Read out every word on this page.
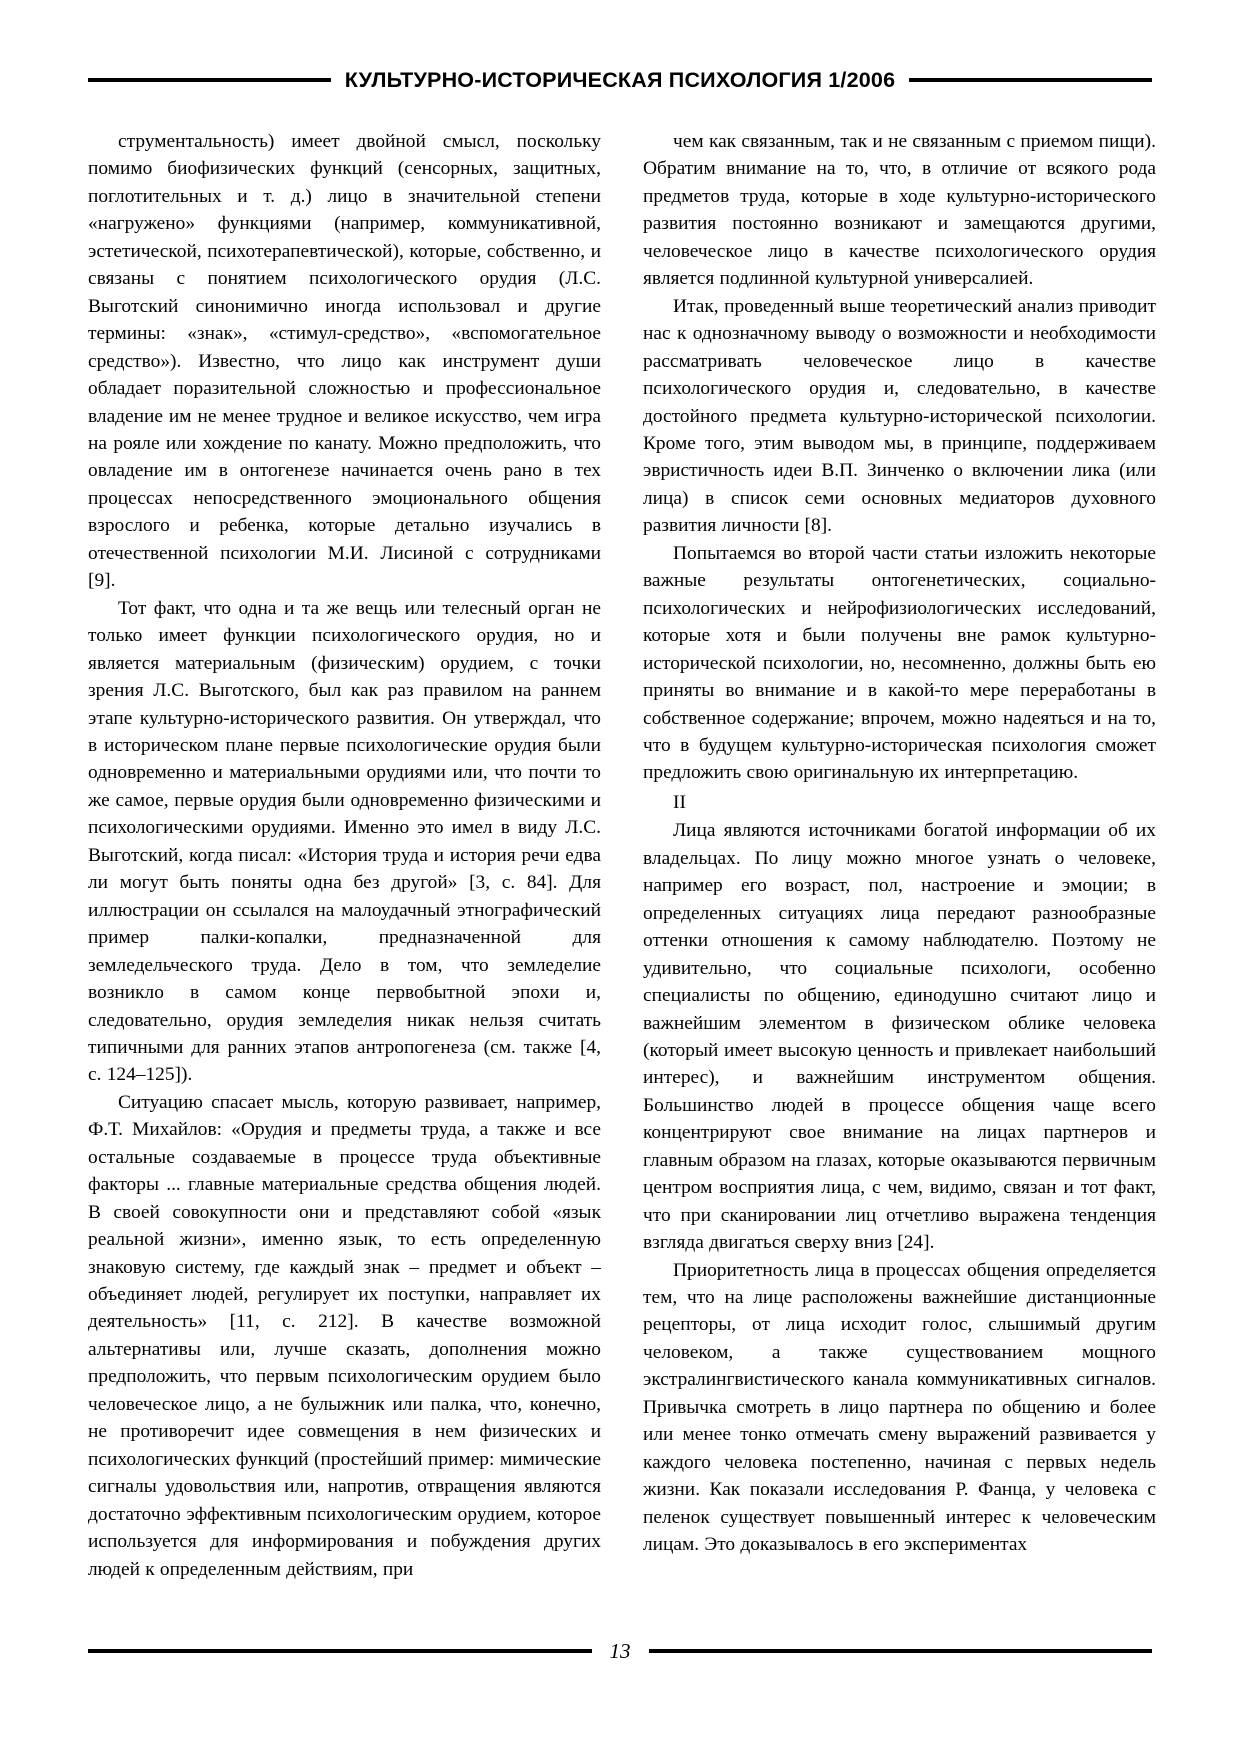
КУЛЬТУРНО-ИСТОРИЧЕСКАЯ ПСИХОЛОГИЯ 1/2006

струментальность) имеет двойной смысл, поскольку помимо биофизических функций (сенсорных, защитных, поглотительных и т. д.) лицо в значительной степени «нагружено» функциями (например, коммуникативной, эстетической, психотерапевтической), которые, собственно, и связаны с понятием психологического орудия (Л.С. Выготский синонимично иногда использовал и другие термины: «знак», «стимул-средство», «вспомогательное средство»). Известно, что лицо как инструмент души обладает поразительной сложностью и профессиональное владение им не менее трудное и великое искусство, чем игра на рояле или хождение по канату. Можно предположить, что овладение им в онтогенезе начинается очень рано в тех процессах непосредственного эмоционального общения взрослого и ребенка, которые детально изучались в отечественной психологии М.И. Лисиной с сотрудниками [9].

Тот факт, что одна и та же вещь или телесный орган не только имеет функции психологического орудия, но и является материальным (физическим) орудием, с точки зрения Л.С. Выготского, был как раз правилом на раннем этапе культурно-исторического развития. Он утверждал, что в историческом плане первые психологические орудия были одновременно и материальными орудиями или, что почти то же самое, первые орудия были одновременно физическими и психологическими орудиями. Именно это имел в виду Л.С. Выготский, когда писал: «История труда и история речи едва ли могут быть поняты одна без другой» [3, с. 84]. Для иллюстрации он ссылался на малоудачный этнографический пример палки-копалки, предназначенной для земледельческого труда. Дело в том, что земледелие возникло в самом конце первобытной эпохи и, следовательно, орудия земледелия никак нельзя считать типичными для ранних этапов антропогенеза (см. также [4, с. 124–125]).

Ситуацию спасает мысль, которую развивает, например, Ф.Т. Михайлов: «Орудия и предметы труда, а также и все остальные создаваемые в процессе труда объективные факторы ... главные материальные средства общения людей. В своей совокупности они и представляют собой «язык реальной жизни», именно язык, то есть определенную знаковую систему, где каждый знак – предмет и объект – объединяет людей, регулирует их поступки, направляет их деятельность» [11, с. 212]. В качестве возможной альтернативы или, лучше сказать, дополнения можно предположить, что первым психологическим орудием было человеческое лицо, а не булыжник или палка, что, конечно, не противоречит идее совмещения в нем физических и психологических функций (простейший пример: мимические сигналы удовольствия или, напротив, отвращения являются достаточно эффективным психологическим орудием, которое используется для информирования и побуждения других людей к определенным действиям, при

чем как связанным, так и не связанным с приемом пищи). Обратим внимание на то, что, в отличие от всякого рода предметов труда, которые в ходе культурно-исторического развития постоянно возникают и замещаются другими, человеческое лицо в качестве психологического орудия является подлинной культурной универсалией.

Итак, проведенный выше теоретический анализ приводит нас к однозначному выводу о возможности и необходимости рассматривать человеческое лицо в качестве психологического орудия и, следовательно, в качестве достойного предмета культурно-исторической психологии. Кроме того, этим выводом мы, в принципе, поддерживаем эвристичность идеи В.П. Зинченко о включении лика (или лица) в список семи основных медиаторов духовного развития личности [8].

Попытаемся во второй части статьи изложить некоторые важные результаты онтогенетических, социально-психологических и нейрофизиологических исследований, которые хотя и были получены вне рамок культурно-исторической психологии, но, несомненно, должны быть ею приняты во внимание и в какой-то мере переработаны в собственное содержание; впрочем, можно надеяться и на то, что в будущем культурно-историческая психология сможет предложить свою оригинальную их интерпретацию.

II

Лица являются источниками богатой информации об их владельцах. По лицу можно многое узнать о человеке, например его возраст, пол, настроение и эмоции; в определенных ситуациях лица передают разнообразные оттенки отношения к самому наблюдателю. Поэтому не удивительно, что социальные психологи, особенно специалисты по общению, единодушно считают лицо и важнейшим элементом в физическом облике человека (который имеет высокую ценность и привлекает наибольший интерес), и важнейшим инструментом общения. Большинство людей в процессе общения чаще всего концентрируют свое внимание на лицах партнеров и главным образом на глазах, которые оказываются первичным центром восприятия лица, с чем, видимо, связан и тот факт, что при сканировании лиц отчетливо выражена тенденция взгляда двигаться сверху вниз [24].

Приоритетность лица в процессах общения определяется тем, что на лице расположены важнейшие дистанционные рецепторы, от лица исходит голос, слышимый другим человеком, а также существованием мощного экстралингвистического канала коммуникативных сигналов. Привычка смотреть в лицо партнера по общению и более или менее тонко отмечать смену выражений развивается у каждого человека постепенно, начиная с первых недель жизни. Как показали исследования Р. Фанца, у человека с пеленок существует повышенный интерес к человеческим лицам. Это доказывалось в его экспериментах

13
